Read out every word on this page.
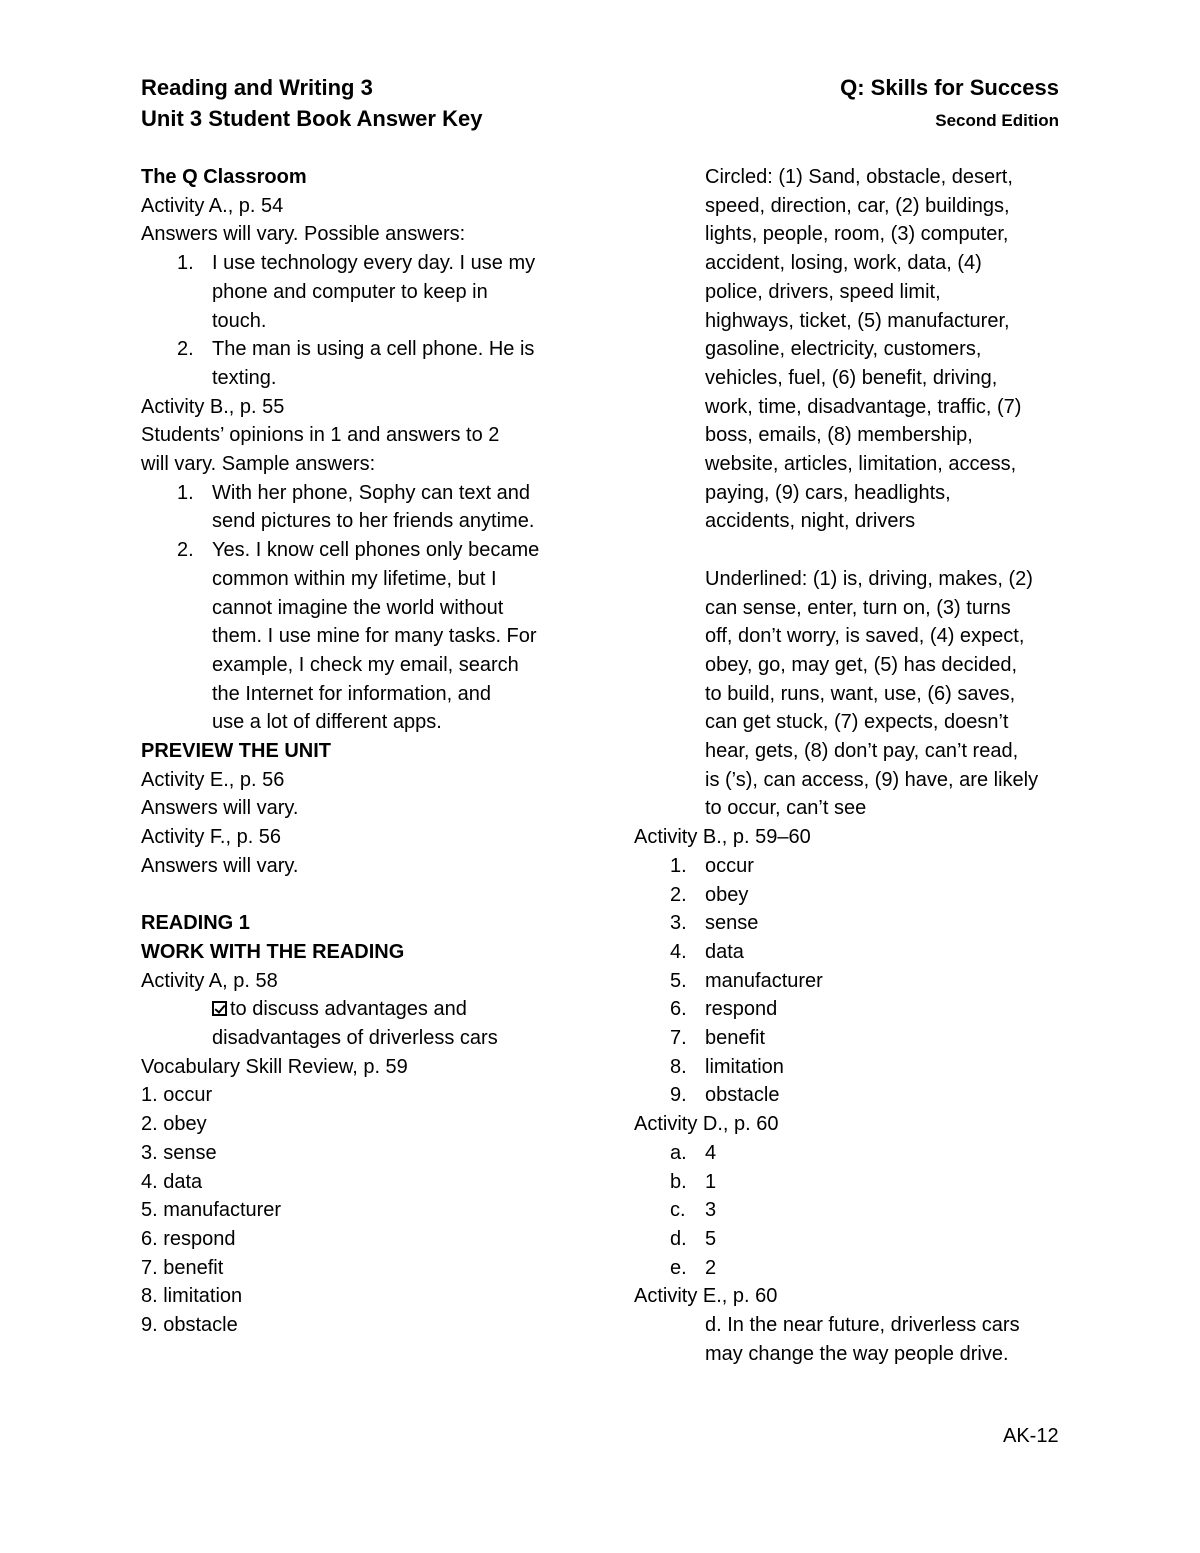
Reading and Writing 3
Unit 3 Student Book Answer Key
Q: Skills for Success
Second Edition
The Q Classroom
Activity A., p. 54
Answers will vary. Possible answers:
1. I use technology every day. I use my
phone and computer to keep in
touch.
2. The man is using a cell phone. He is
texting.
Activity B., p. 55
Students’ opinions in 1 and answers to 2
will vary. Sample answers:
1. With her phone, Sophy can text and
send pictures to her friends anytime.
2. Yes. I know cell phones only became
common within my lifetime, but I
cannot imagine the world without
them. I use mine for many tasks. For
example, I check my email, search
the Internet for information, and
use a lot of different apps.
PREVIEW THE UNIT
Activity E., p. 56
Answers will vary.
Activity F., p. 56
Answers will vary.
READING 1
WORK WITH THE READING
Activity A, p. 58
to discuss advantages and
disadvantages of driverless cars
Vocabulary Skill Review, p. 59
1. occur
2. obey
3. sense
4. data
5. manufacturer
6. respond
7. benefit
8. limitation
9. obstacle
Circled: (1) Sand, obstacle, desert,
speed, direction, car, (2) buildings,
lights, people, room, (3) computer,
accident, losing, work, data, (4)
police, drivers, speed limit,
highways, ticket, (5) manufacturer,
gasoline, electricity, customers,
vehicles, fuel, (6) benefit, driving,
work, time, disadvantage, traffic, (7)
boss, emails, (8) membership,
website, articles, limitation, access,
paying, (9) cars, headlights,
accidents, night, drivers
Underlined: (1) is, driving, makes, (2)
can sense, enter, turn on, (3) turns
off, don’t worry, is saved, (4) expect,
obey, go, may get, (5) has decided,
to build, runs, want, use, (6) saves,
can get stuck, (7) expects, doesn’t
hear, gets, (8) don’t pay, can’t read,
is (’s), can access, (9) have, are likely
to occur, can’t see
Activity B., p. 59–60
1. occur
2. obey
3. sense
4. data
5. manufacturer
6. respond
7. benefit
8. limitation
9. obstacle
Activity D., p. 60
a. 4
b. 1
c. 3
d. 5
e. 2
Activity E., p. 60
d. In the near future, driverless cars
may change the way people drive.
AK-12
